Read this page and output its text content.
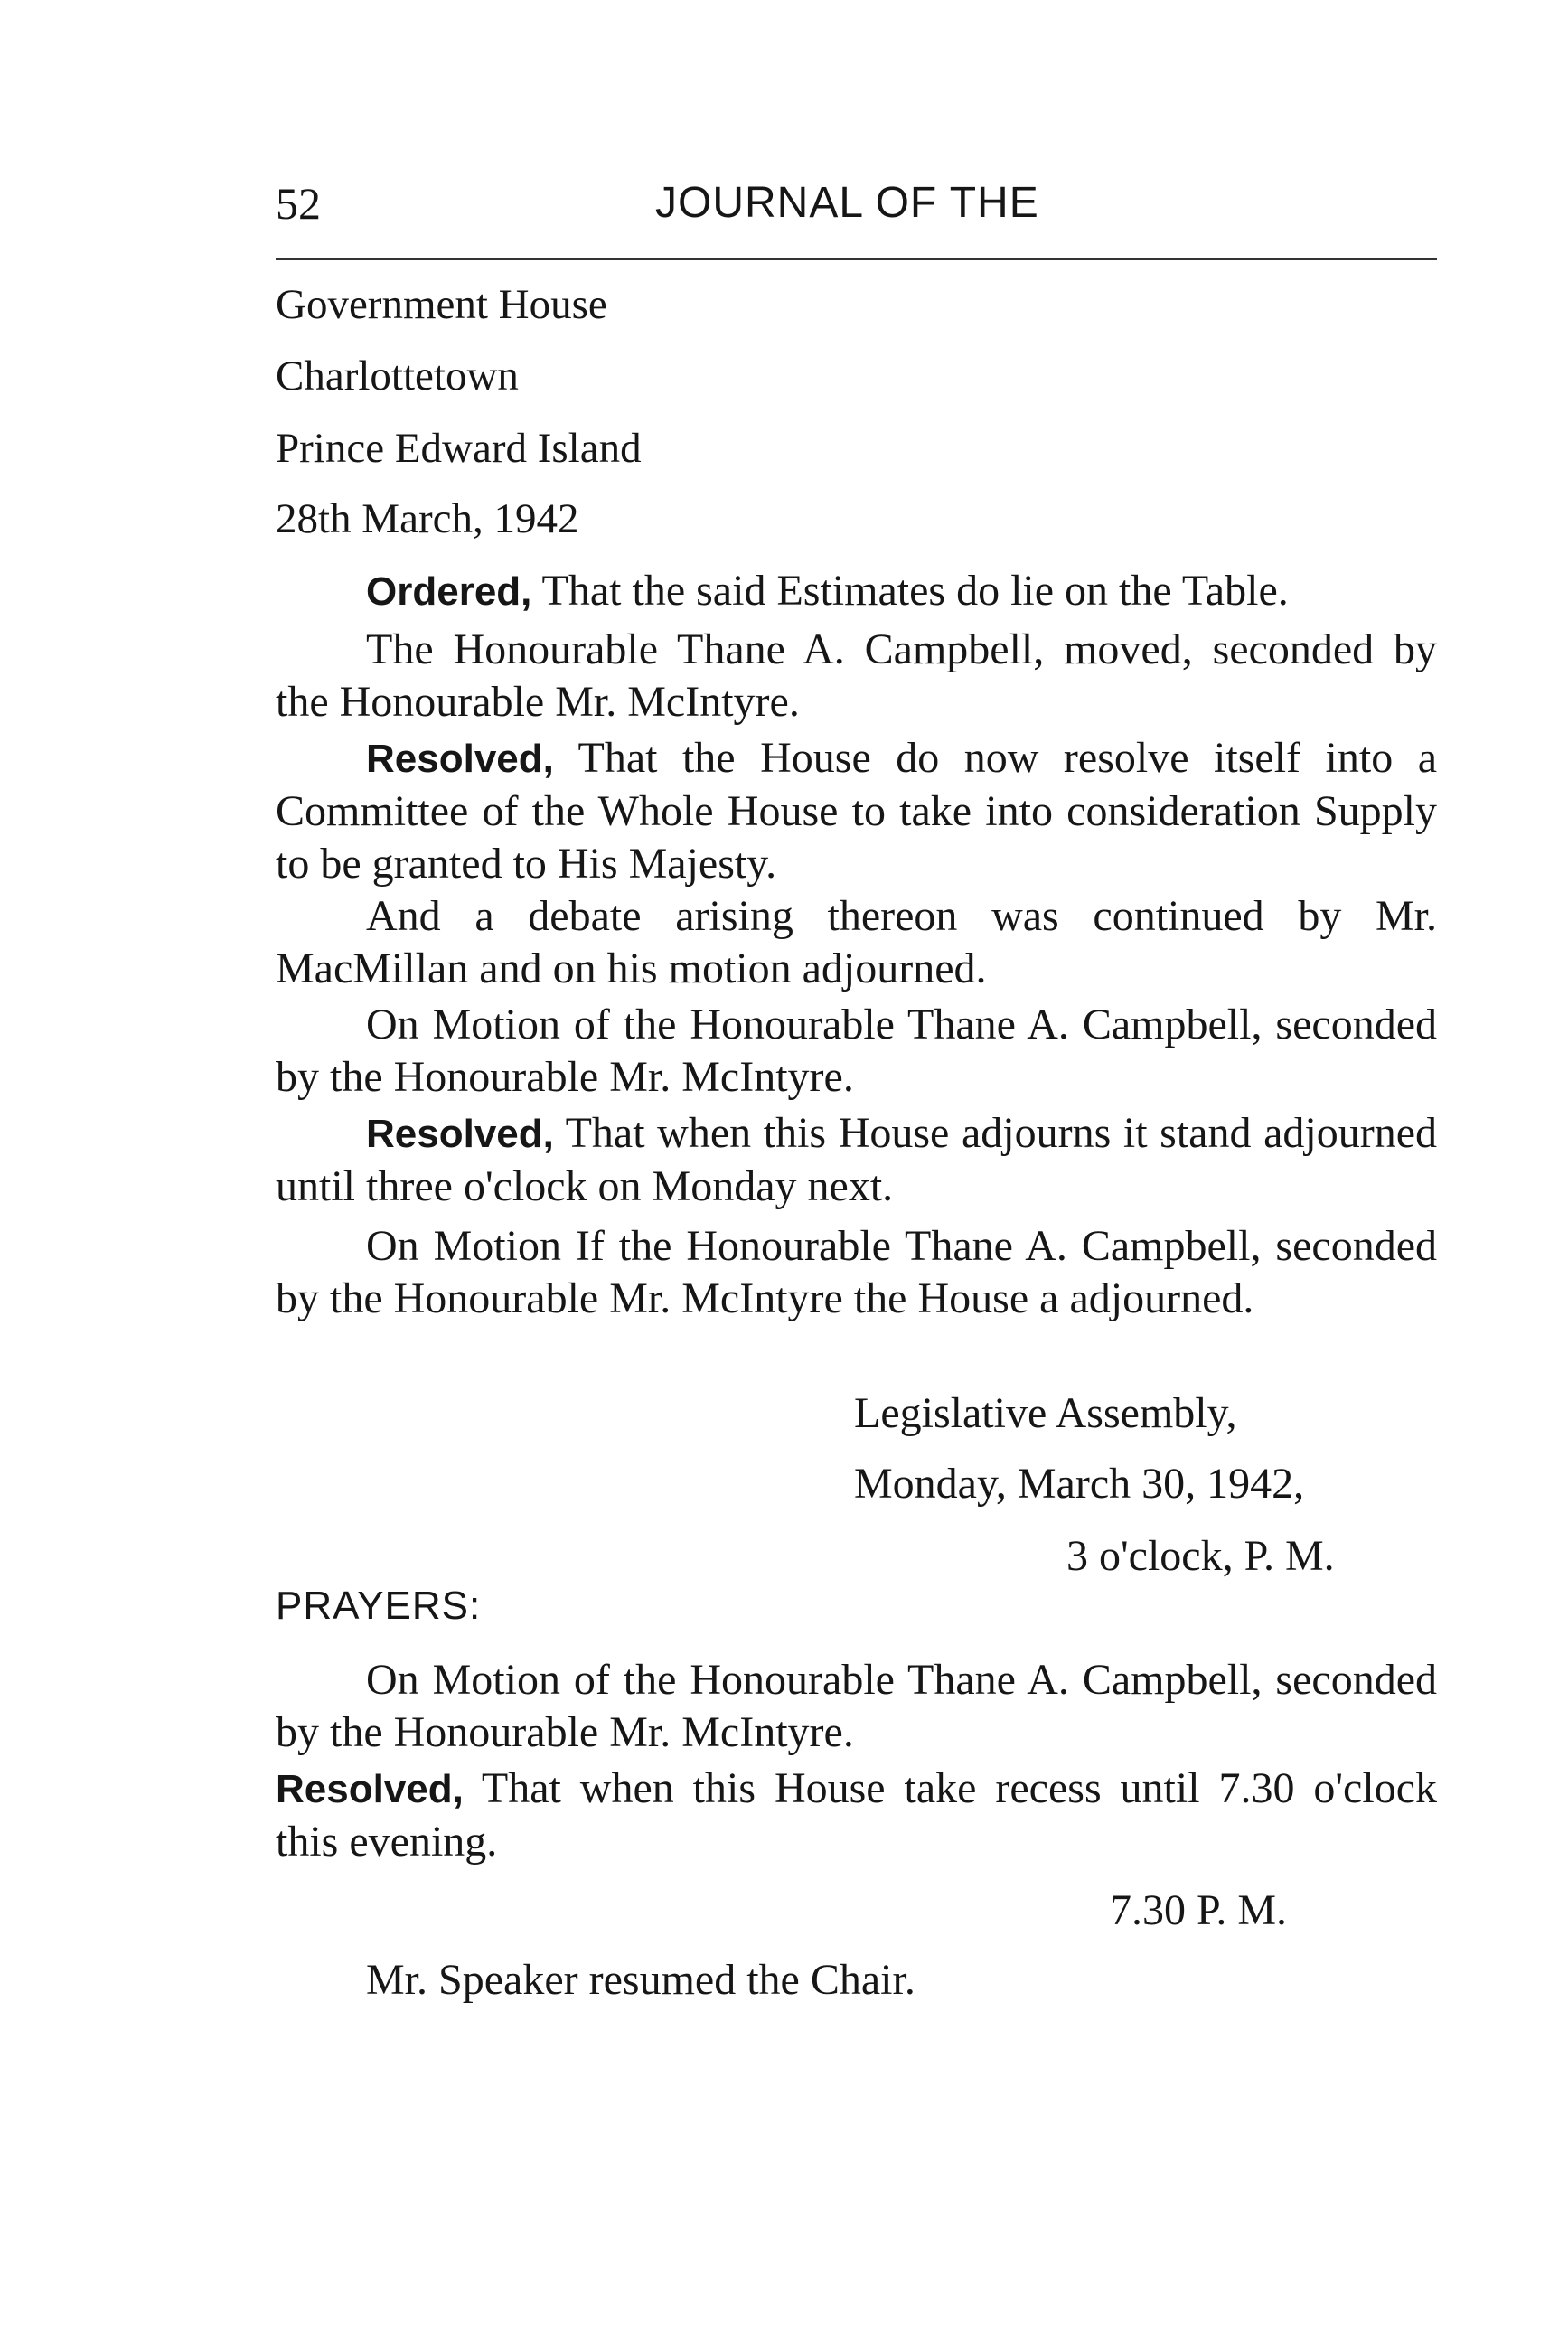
52	JOURNAL OF THE

Government House

Charlottetown

Prince Edward Island

28th March, 1942

Ordered, That the said Estimates do lie on the Table.

The Honourable Thane A. Campbell, moved, seconded by the Honourable Mr. McIntyre.

Resolved, That the House do now resolve itself into a Committee of the Whole House to take into consideration Supply to be granted to His Majesty.

And a debate arising thereon was continued by Mr. MacMillan and on his motion adjourned.

On Motion of the Honourable Thane A. Campbell, seconded by the Honourable Mr. McIntyre.

Resolved, That when this House adjourns it stand adjourned until three o'clock on Monday next.

On Motion If the Honourable Thane A. Campbell, seconded by the Honourable Mr. McIntyre the House a adjourned.

Legislative Assembly,
Monday, March 30, 1942,
3 o'clock, P. M.
PRAYERS:

On Motion of the Honourable Thane A. Campbell, seconded by the Honourable Mr. McIntyre.

Resolved, That when this House take recess until 7.30 o'clock this evening.

7.30 P. M.

Mr. Speaker resumed the Chair.
